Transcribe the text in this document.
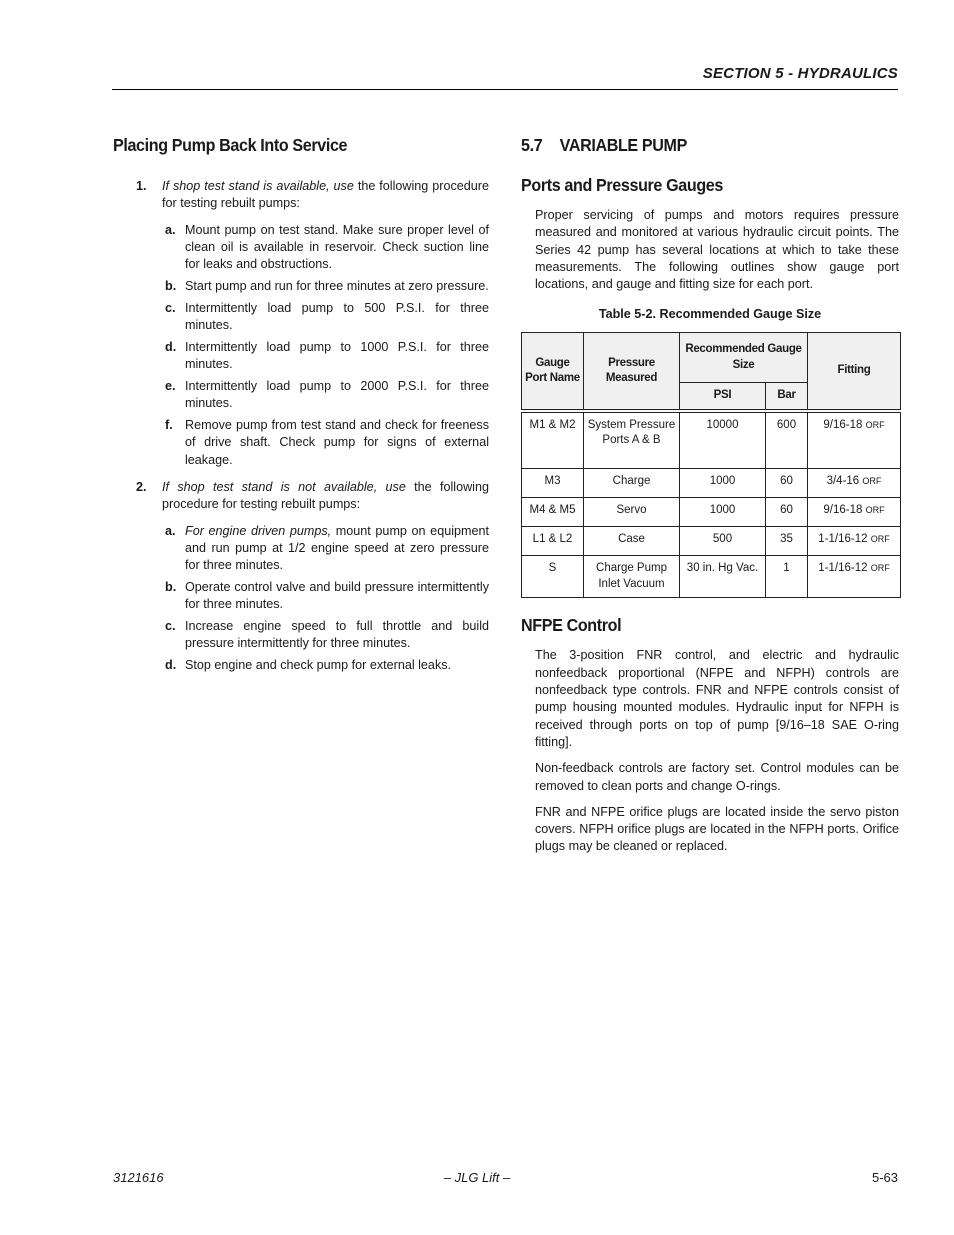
SECTION 5 - HYDRAULICS
Placing Pump Back Into Service
1. If shop test stand is available, use the following procedure for testing rebuilt pumps:
a. Mount pump on test stand. Make sure proper level of clean oil is available in reservoir. Check suction line for leaks and obstructions.
b. Start pump and run for three minutes at zero pressure.
c. Intermittently load pump to 500 P.S.I. for three minutes.
d. Intermittently load pump to 1000 P.S.I. for three minutes.
e. Intermittently load pump to 2000 P.S.I. for three minutes.
f. Remove pump from test stand and check for freeness of drive shaft. Check pump for signs of external leakage.
2. If shop test stand is not available, use the following procedure for testing rebuilt pumps:
a. For engine driven pumps, mount pump on equipment and run pump at 1/2 engine speed at zero pressure for three minutes.
b. Operate control valve and build pressure intermittently for three minutes.
c. Increase engine speed to full throttle and build pressure intermittently for three minutes.
d. Stop engine and check pump for external leaks.
5.7 VARIABLE PUMP
Ports and Pressure Gauges

Proper servicing of pumps and motors requires pressure measured and monitored at various hydraulic circuit points. The Series 42 pump has several locations at which to take these measurements. The following outlines show gauge port locations, and gauge and fitting size for each port.

Table 5-2. Recommended Gauge Size
Gauge Port Name	Pressure Measured	Recommended Gauge Size		Fitting
		PSI	Bar	
M1 & M2	System Pressure Ports A & B	10000	600	9/16-18 ORF
M3	Charge	1000	60	3/4-16 ORF
M4 & M5	Servo	1000	60	9/16-18 ORF
L1 & L2	Case	500	35	1-1/16-12 ORF
S	Charge Pump Inlet Vacuum	30 in. Hg Vac.	1	1-1/16-12 ORF
NFPE Control

The 3-position FNR control, and electric and hydraulic nonfeedback proportional (NFPE and NFPH) controls are nonfeedback type controls. FNR and NFPE controls consist of pump housing mounted modules. Hydraulic input for NFPH is received through ports on top of pump [9/16–18 SAE O-ring fitting].

Non-feedback controls are factory set. Control modules can be removed to clean ports and change O-rings.

FNR and NFPE orifice plugs are located inside the servo piston covers. NFPH orifice plugs are located in the NFPH ports. Orifice plugs may be cleaned or replaced.

3121616	– JLG Lift –	5-63
